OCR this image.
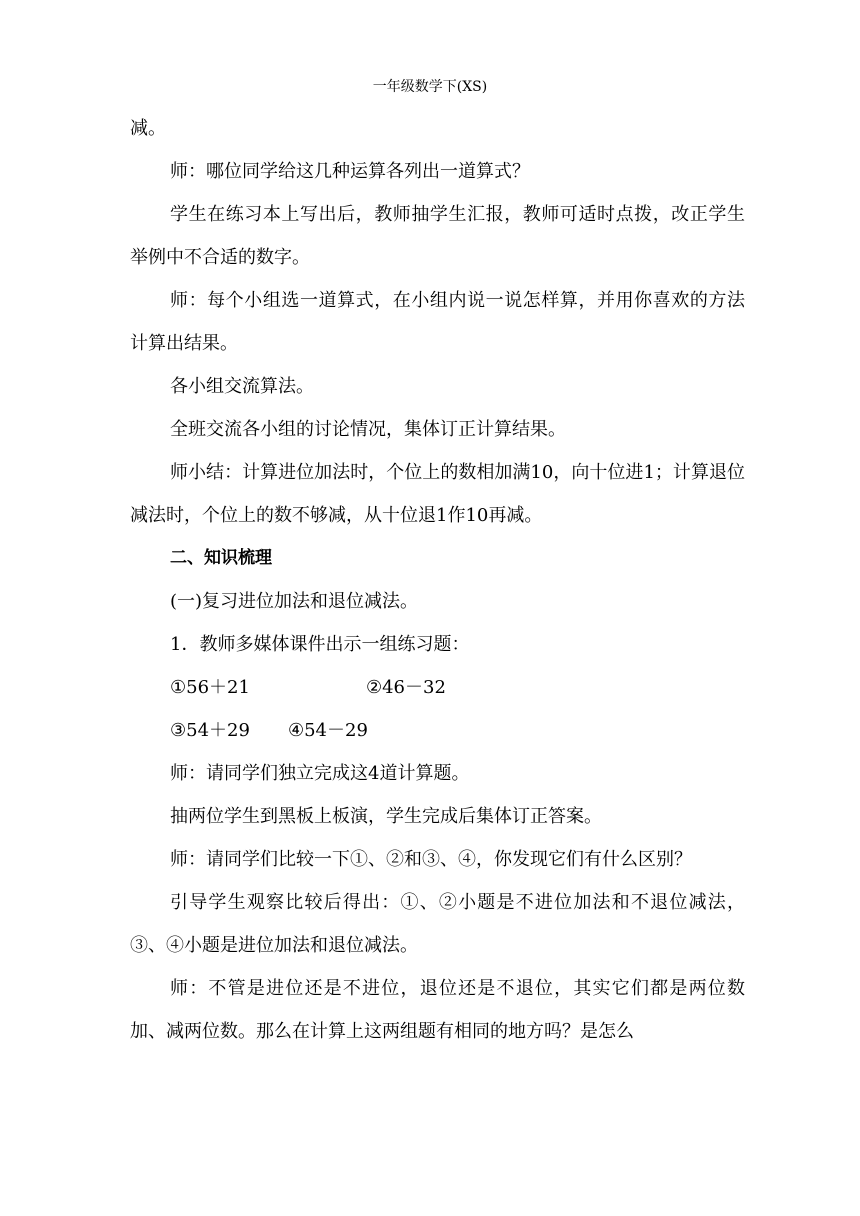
一年级数学下(XS)

减。

师：哪位同学给这几种运算各列出一道算式？

学生在练习本上写出后，教师抽学生汇报，教师可适时点拨，改正学生举例中不合适的数字。

师：每个小组选一道算式，在小组内说一说怎样算，并用你喜欢的方法计算出结果。

各小组交流算法。

全班交流各小组的讨论情况，集体订正计算结果。

师小结：计算进位加法时，个位上的数相加满10，向十位进1；计算退位减法时，个位上的数不够减，从十位退1作10再减。

二、知识梳理

(一)复习进位加法和退位减法。

1．教师多媒体课件出示一组练习题：

①56＋21	②46－32

③54＋29 ④54－29

师：请同学们独立完成这4道计算题。

抽两位学生到黑板上板演，学生完成后集体订正答案。

师：请同学们比较一下①、②和③、④，你发现它们有什么区别？

引导学生观察比较后得出：①、②小题是不进位加法和不退位减法，③、④小题是进位加法和退位减法。

师：不管是进位还是不进位，退位还是不退位，其实它们都是两位数加、减两位数。那么在计算上这两组题有相同的地方吗？是怎么
